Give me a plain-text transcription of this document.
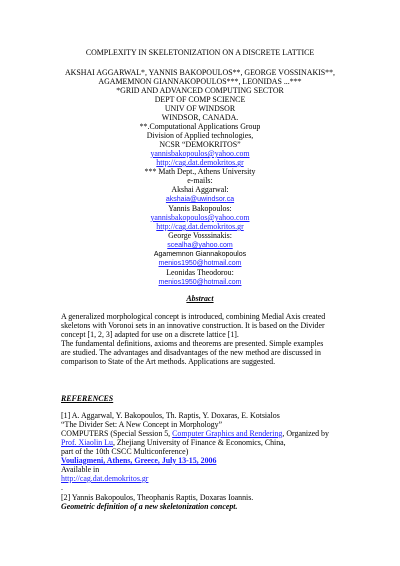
COMPLEXITY IN SKELETONIZATION ON A DISCRETE LATTICE
AKSHAI AGGARWAL*, YANNIS BAKOPOULOS**, GEORGE VOSSINAKIS**,
AGAMEMNON GIANNAKOPOULOS***, LEONIDAS ...***
*GRID AND ADVANCED COMPUTING SECTOR
DEPT OF COMP SCIENCE
UNIV OF WINDSOR
WINDSOR, CANADA.
**.Computational Applications Group
Division of Applied technologies,
NCSR “DEMOKRITOS”
yannisbakopoulos@yahoo.com
http://cag.dat.demokritos.gr
*** Math Dept., Athens University
e-mails:
Akshai Aggarwal:
akshaia@uwindsor.ca
Yannis Bakopoulos:
yannisbakopoulos@yahoo.com
http://cag.dat.demokritos.gr
George Vosssinakis:
scealha@yahoo.com
Agamemnon Giannakopoulos
menios1950@hotmail.com
Leonidas Theodorou:
menios1950@hotmail.com
Abstract
A generalized morphological concept is introduced, combining Medial Axis created
skeletons with Voronoi sets in an innovative construction. It is based on the Divider
concept [1, 2, 3] adapted for use on a discrete lattice [1].
The fundamental definitions, axioms and theorems are presented. Simple examples
are studied. The advantages and disadvantages of the new method are discussed in
comparison to State of the Art methods. Applications are suggested.
REFERENCES
[1] A. Aggarwal, Y. Bakopoulos, Th. Raptis, Y. Doxaras, E. Kotsialos
“The Divider Set: A New Concept in Morphology”
COMPUTERS (Special Session 5, Computer Graphics and Rendering, Organized by
Prof. Xiaolin Lu, Zhejiang University of Finance & Economics, China,
part of the 10th CSCC Multiconference)
Vouliagmeni, Athens, Greece, July 13-15, 2006
Available in
http://cag.dat.demokritos.gr
.
[2] Yannis Bakopoulos, Theophanis Raptis, Doxaras Ioannis.
Geometric definition of a new skeletonization concept.
